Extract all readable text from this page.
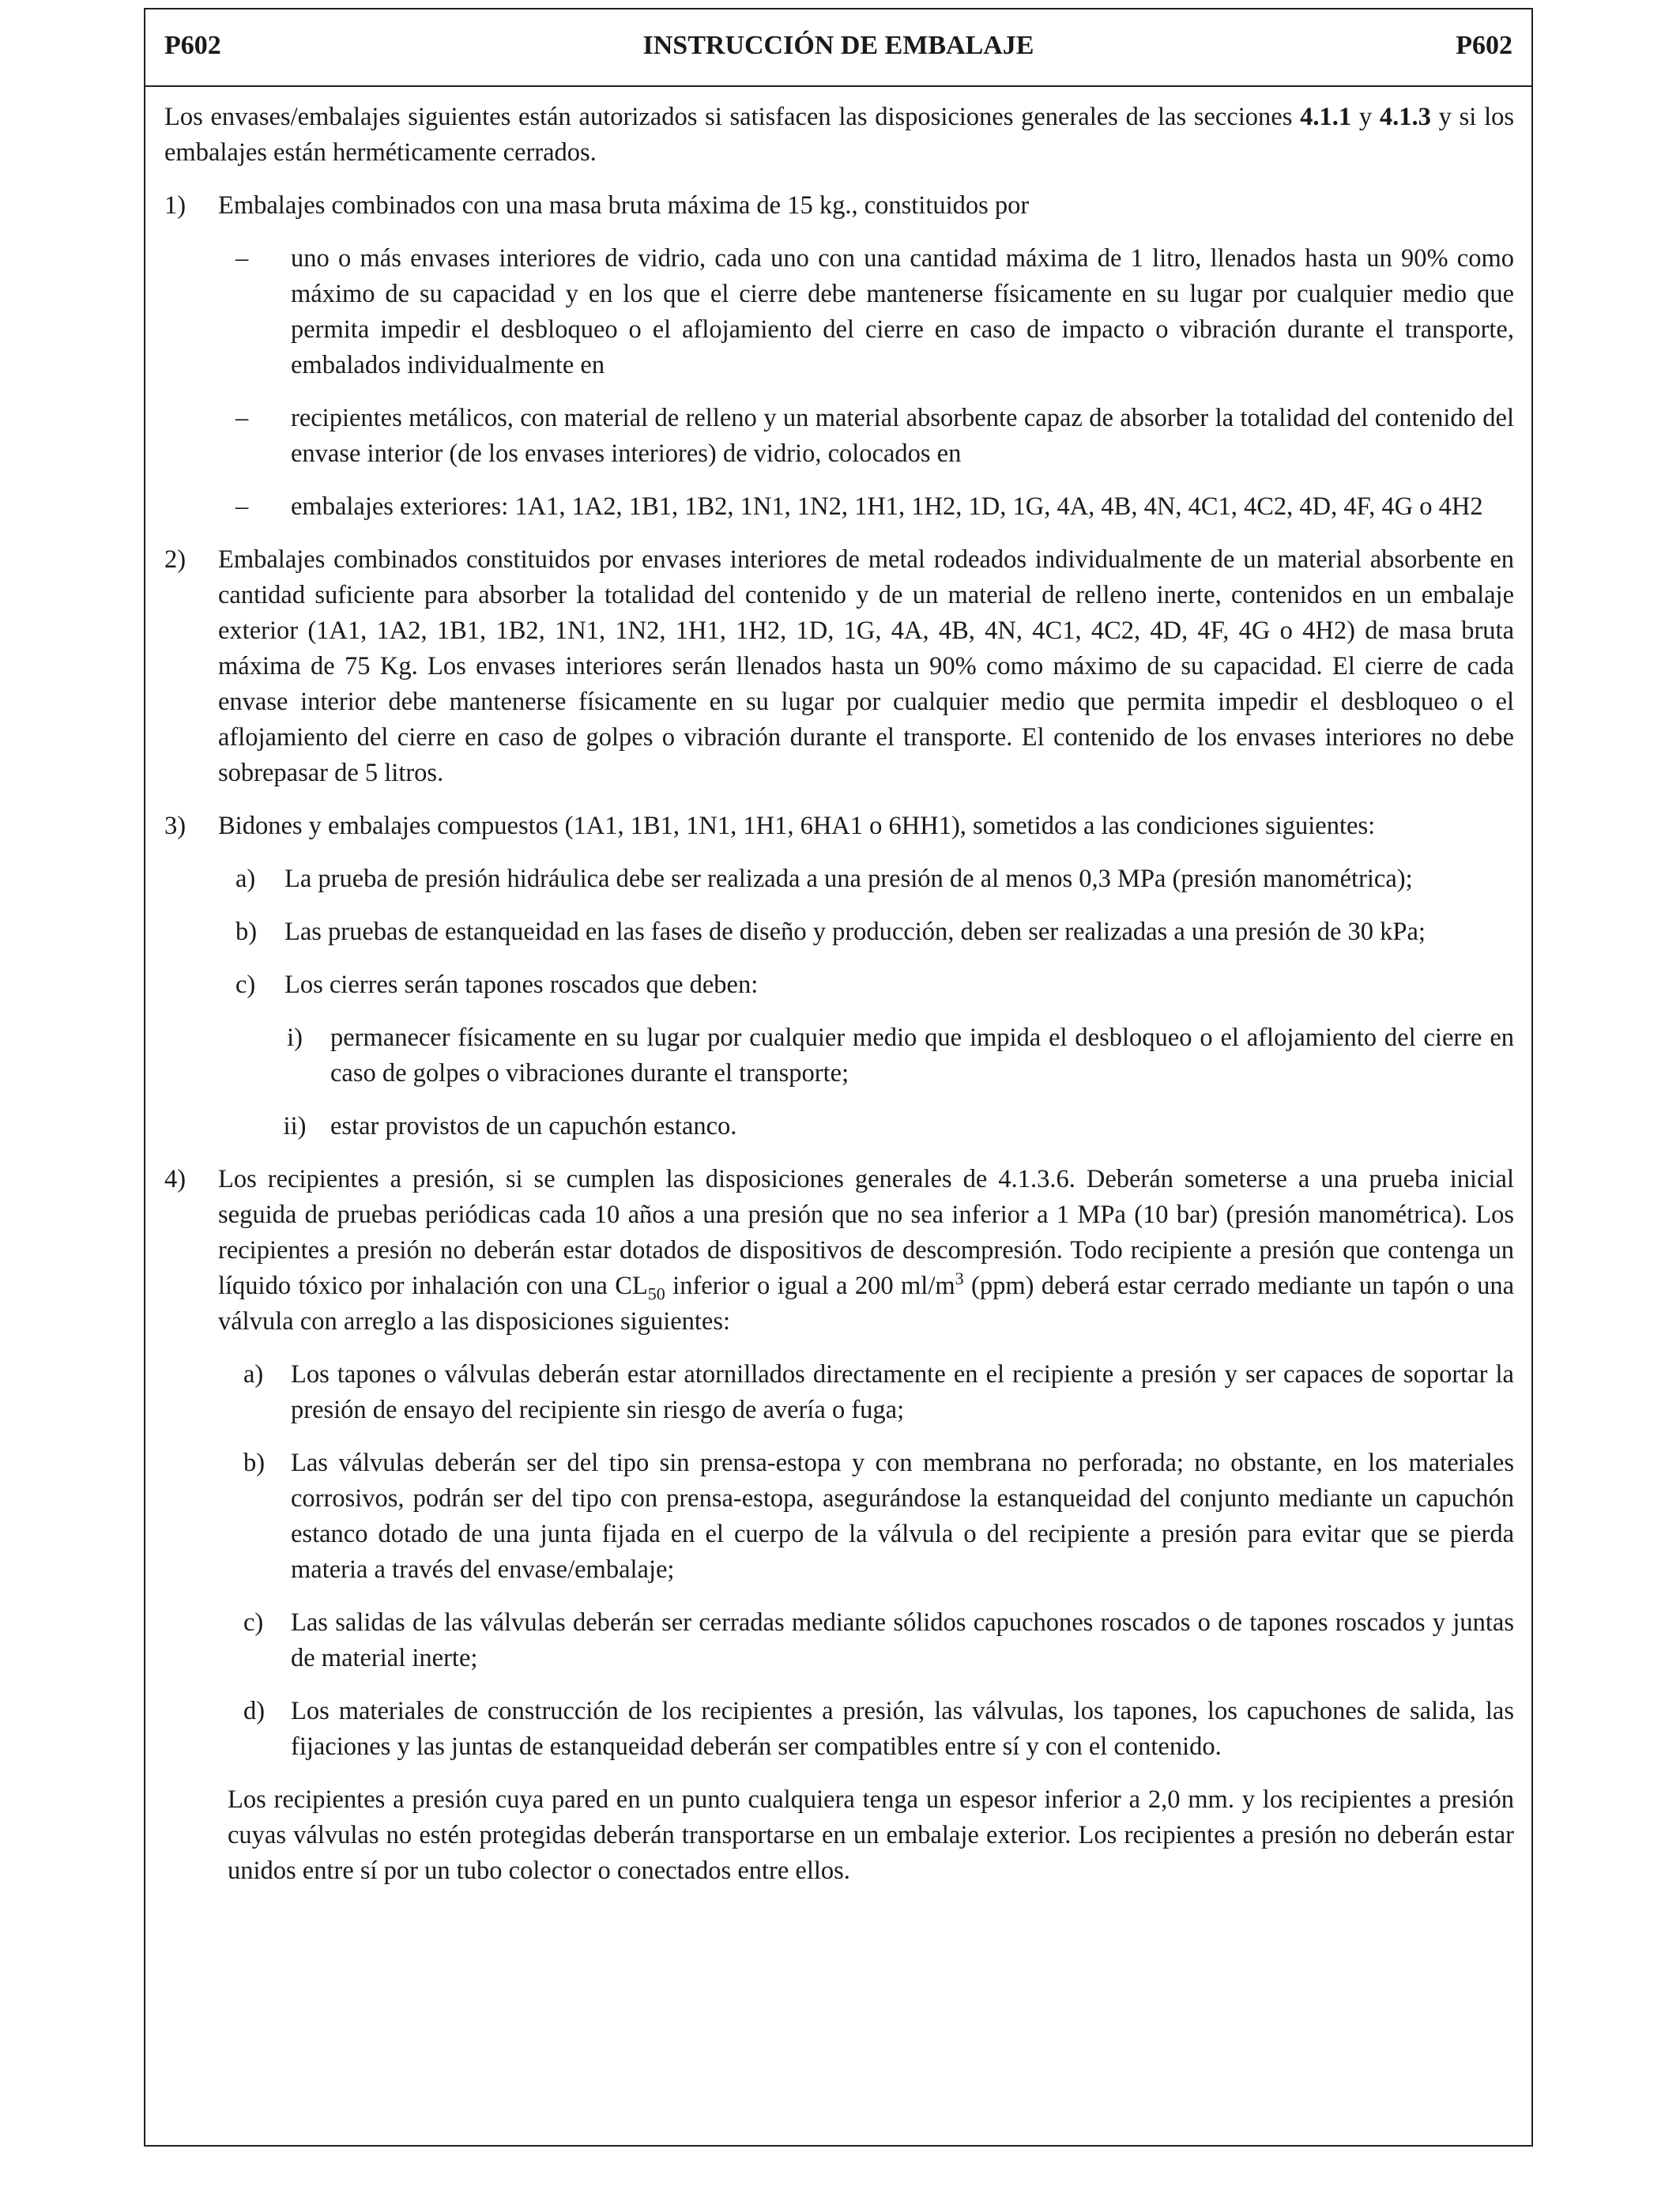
P602	INSTRUCCIÓN DE EMBALAJE	P602

Los envases/embalajes siguientes están autorizados si satisfacen las disposiciones generales de las secciones 4.1.1 y 4.1.3 y si los embalajes están herméticamente cerrados.

1) Embalajes combinados con una masa bruta máxima de 15 kg., constituidos por

– uno o más envases interiores de vidrio, cada uno con una cantidad máxima de 1 litro, llenados hasta un 90% como máximo de su capacidad y en los que el cierre debe mantenerse físicamente en su lugar por cualquier medio que permita impedir el desbloqueo o el aflojamiento del cierre en caso de impacto o vibración durante el transporte, embalados individualmente en

– recipientes metálicos, con material de relleno y un material absorbente capaz de absorber la totalidad del contenido del envase interior (de los envases interiores) de vidrio, colocados en

– embalajes exteriores: 1A1, 1A2, 1B1, 1B2, 1N1, 1N2, 1H1, 1H2, 1D, 1G, 4A, 4B, 4N, 4C1, 4C2, 4D, 4F, 4G o 4H2

2) Embalajes combinados constituidos por envases interiores de metal rodeados individualmente de un material absorbente en cantidad suficiente para absorber la totalidad del contenido y de un material de relleno inerte, contenidos en un embalaje exterior (1A1, 1A2, 1B1, 1B2, 1N1, 1N2, 1H1, 1H2, 1D, 1G, 4A, 4B, 4N, 4C1, 4C2, 4D, 4F, 4G o 4H2) de masa bruta máxima de 75 Kg. Los envases interiores serán llenados hasta un 90% como máximo de su capacidad. El cierre de cada envase interior debe mantenerse físicamente en su lugar por cualquier medio que permita impedir el desbloqueo o el aflojamiento del cierre en caso de golpes o vibración durante el transporte. El contenido de los envases interiores no debe sobrepasar de 5 litros.

3) Bidones y embalajes compuestos (1A1, 1B1, 1N1, 1H1, 6HA1 o 6HH1), sometidos a las condiciones siguientes:

a) La prueba de presión hidráulica debe ser realizada a una presión de al menos 0,3 MPa (presión manométrica);

b) Las pruebas de estanqueidad en las fases de diseño y producción, deben ser realizadas a una presión de 30 kPa;

c) Los cierres serán tapones roscados que deben:

i)	permanecer físicamente en su lugar por cualquier medio que impida el desbloqueo o el aflojamiento del cierre en caso de golpes o vibraciones durante el transporte;

ii) estar provistos de un capuchón estanco.

4) Los recipientes a presión, si se cumplen las disposiciones generales de 4.1.3.6. Deberán someterse a una prueba inicial seguida de pruebas periódicas cada 10 años a una presión que no sea inferior a 1 MPa (10 bar) (presión manométrica). Los recipientes a presión no deberán estar dotados de dispositivos de descompresión. Todo recipiente a presión que contenga un líquido tóxico por inhalación con una $CL_{50}$ inferior o igual a 200 $ml/m^3$ (ppm) deberá estar cerrado mediante un tapón o una válvula con arreglo a las disposiciones siguientes:

a) Los tapones o válvulas deberán estar atornillados directamente en el recipiente a presión y ser capaces de soportar la presión de ensayo del recipiente sin riesgo de avería o fuga;

b) Las válvulas deberán ser del tipo sin prensa-estopa y con membrana no perforada; no obstante, en los materiales corrosivos, podrán ser del tipo con prensa-estopa, asegurándose la estanqueidad del conjunto mediante un capuchón estanco dotado de una junta fijada en el cuerpo de la válvula o del recipiente a presión para evitar que se pierda materia a través del envase/embalaje;

c) Las salidas de las válvulas deberán ser cerradas mediante sólidos capuchones roscados o de tapones roscados y juntas de material inerte;

d) Los materiales de construcción de los recipientes a presión, las válvulas, los tapones, los capuchones de salida, las fijaciones y las juntas de estanqueidad deberán ser compatibles entre sí y con el contenido.

Los recipientes a presión cuya pared en un punto cualquiera tenga un espesor inferior a 2,0 mm. y los recipientes a presión cuyas válvulas no estén protegidas deberán transportarse en un embalaje exterior. Los recipientes a presión no deberán estar unidos entre sí por un tubo colector o conectados entre ellos.
